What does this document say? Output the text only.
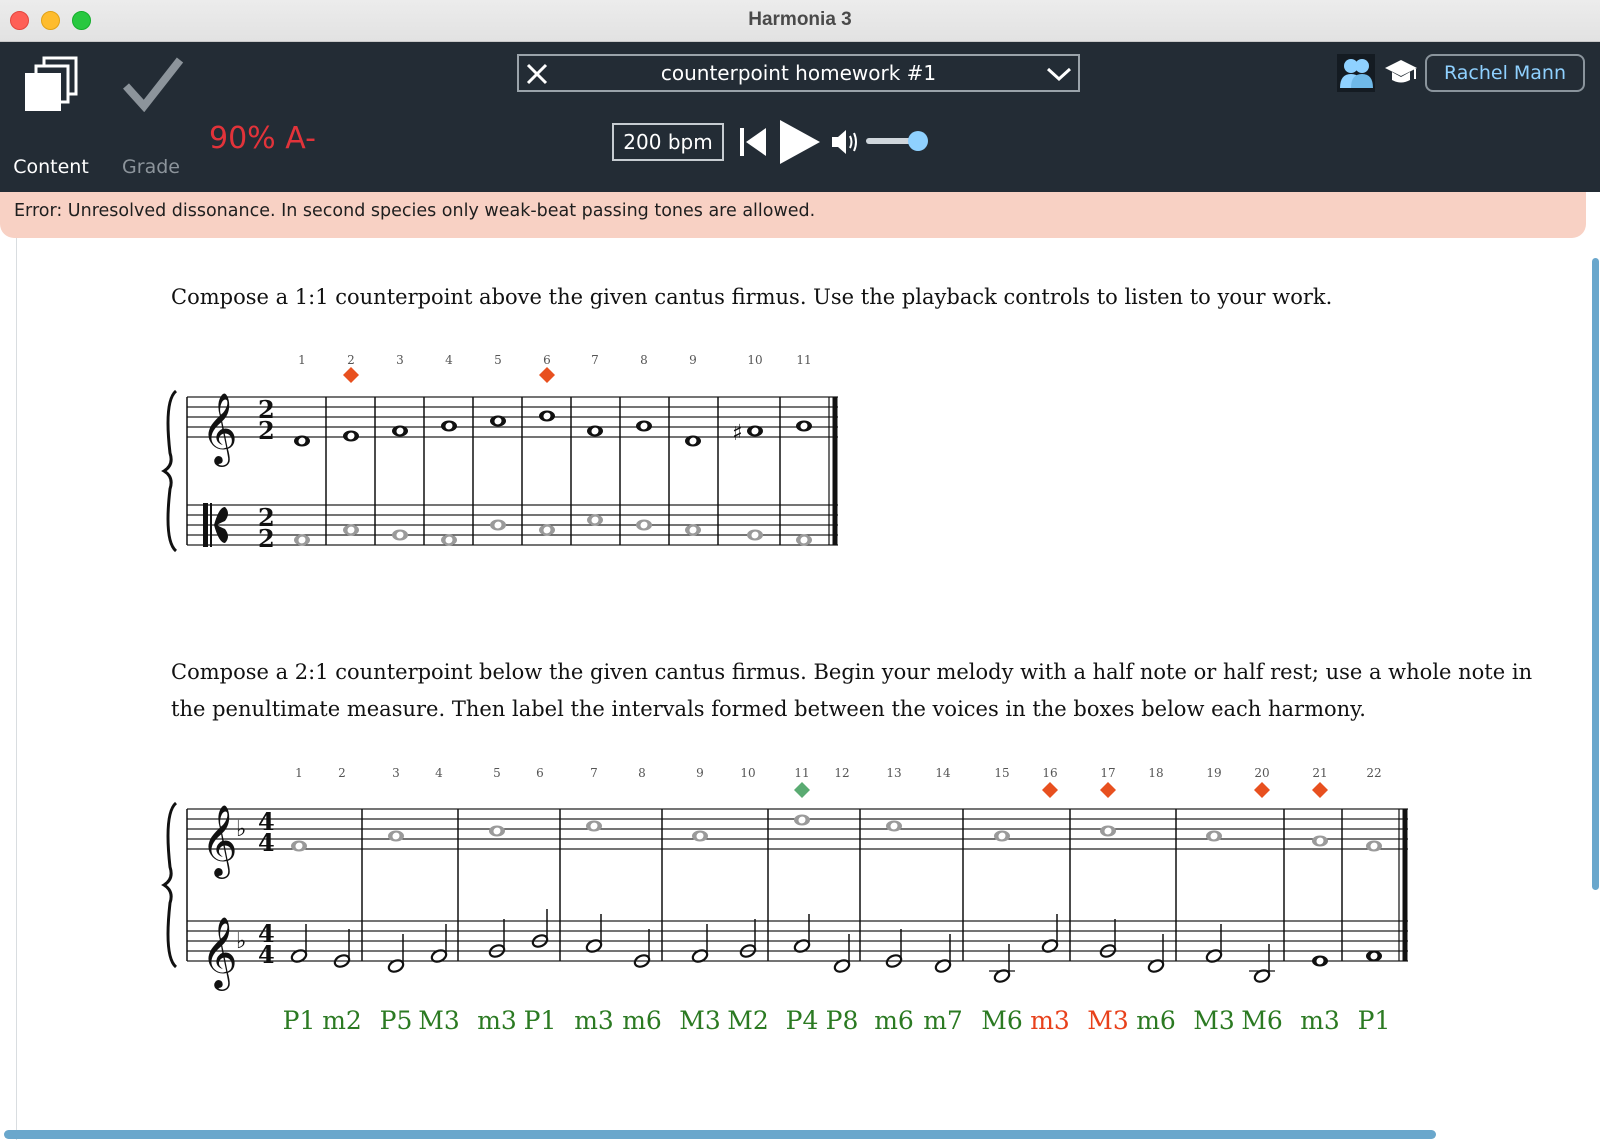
Harmonia 3
Content	Grade
90% A-
counterpoint homework #1
200 bpm
Rachel Mann
Error: Unresolved dissonance. In second species only weak-beat passing tones are allowed.
Compose a 1:1 counterpoint above the given cantus firmus. Use the playback controls to listen to your work.
Compose a 2:1 counterpoint below the given cantus firmus. Begin your melody with a half note or half rest; use a whole note in the penultimate measure. Then label the intervals formed between the voices in the boxes below each harmony.
𝄞 2
2
2
2
1	2	3	4	5	6	7	8	9	10	11
♯
𝄞
𝄞
♭
♭
4
4
4
4
1	2	3	4	5	6	7	8	9	10	11 12	13	14	15	16	17	18	19	20	21	22
P1 m2 P5 M3 m3 P1 m3 m6 M3 M2 P4 P8 m6 m7 M6 m3 M3 m6 M3 M6 m3 P1
